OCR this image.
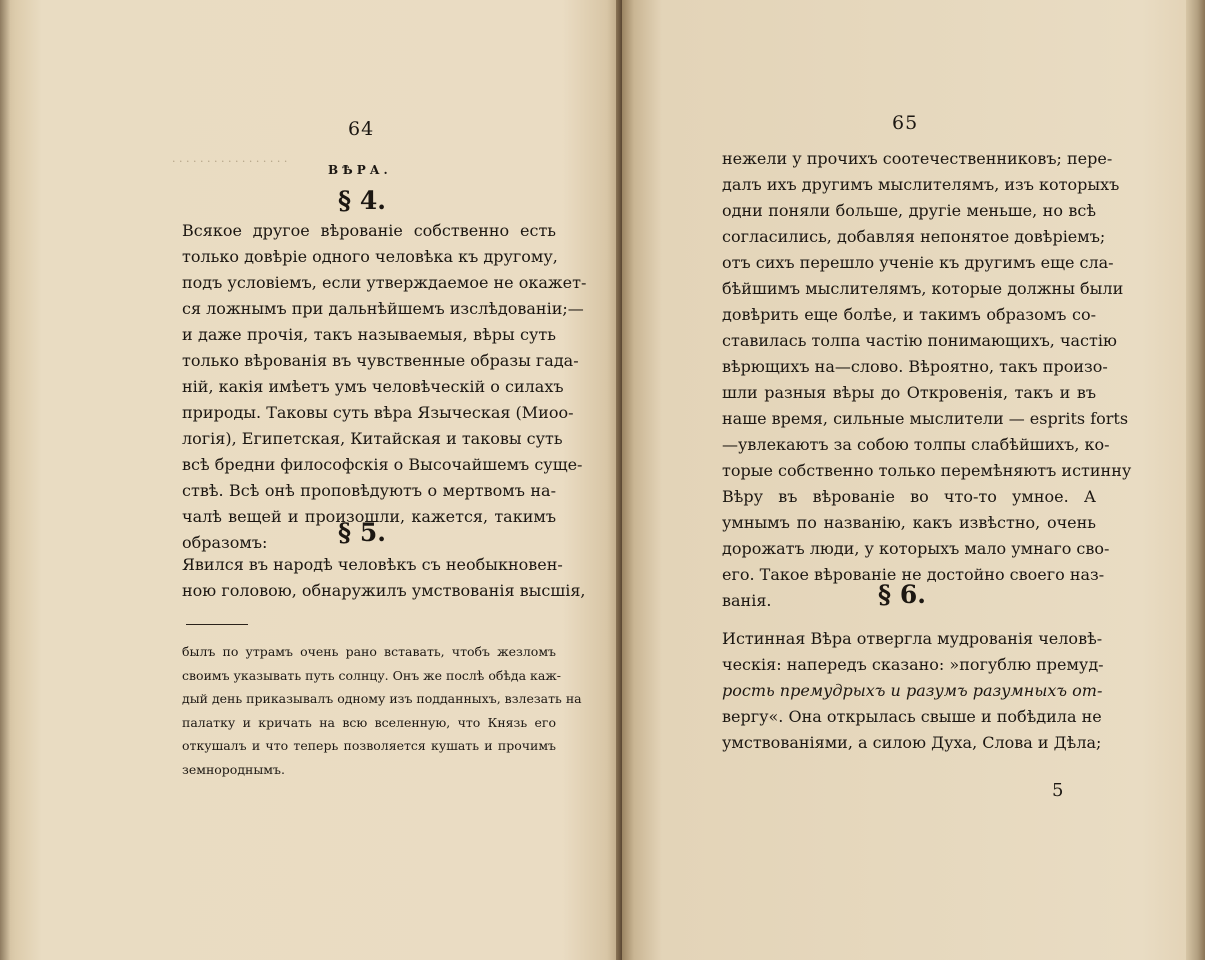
. . . . . . . . . . . . . . . . .
64
ВѢРА.
§ 4.
Всякое другое вѣрованіе собственно есть
только довѣріе одного человѣка къ другому,
подъ условіемъ, если утверждаемое не окажет-
ся ложнымъ при дальнѣйшемъ изслѣдованіи;—
и даже прочія, такъ называемыя, вѣры суть
только вѣрованія въ чувственные образы гада-
ній, какія имѣетъ умъ человѣческій о силахъ
природы. Таковы суть вѣра Языческая (Миоо-
логія), Египетская, Китайская и таковы суть
всѣ бредни философскія о Высочайшемъ суще-
ствѣ. Всѣ онѣ проповѣдуютъ о мертвомъ на-
чалѣ вещей и произошли, кажется, такимъ
образомъ:	§ 5.
Явился въ народѣ человѣкъ съ необыкновен-
ною головою, обнаружилъ умствованія высшія,
былъ по утрамъ очень рано вставать, чтобъ жезломъ
своимъ указывать путь солнцу. Онъ же послѣ обѣда каж-
дый день приказывалъ одному изъ подданныхъ, взлезать на
палатку и кричать на всю вселенную, что Князь его
откушалъ и что теперь позволяется кушать и прочимъ
земнороднымъ.
65
нежели у прочихъ соотечественниковъ; пере-
далъ ихъ другимъ мыслителямъ, изъ которыхъ
одни поняли больше, другіе меньше, но всѣ
согласились, добавляя непонятое довѣріемъ;
отъ сихъ перешло ученіе къ другимъ еще сла-
бѣйшимъ мыслителямъ, которые должны были
довѣрить еще болѣе, и такимъ образомъ со-
ставилась толпа частію понимающихъ, частію
вѣрющихъ на—слово. Вѣроятно, такъ произо-
шли разныя вѣры до Откровенія, такъ и въ
наше время, сильные мыслители — esprits forts
—увлекаютъ за собою толпы слабѣйшихъ, ко-
торые собственно только перемѣняютъ истинну
Вѣру въ вѣрованіе во что-то умное. А
умнымъ по названію, какъ извѣстно, очень
дорожатъ люди, у которыхъ мало умнаго сво-
его. Такое вѣрованіе не достойно своего наз-
ванія.	§ 6.
Истинная Вѣра отвергла мудрованія человѣ-
ческія: напередъ сказано: »погублю премуд-
рость премудрыхъ и разумъ разумныхъ от-
вергу«. Она открылась свыше и побѣдила не
умствованіями, а силою Духа, Слова и Дѣла;
5
